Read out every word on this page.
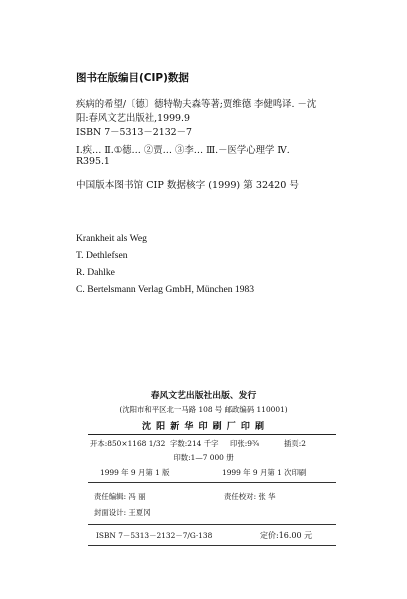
图书在版编目(CIP)数据
疾病的希望/〔德〕德特勒夫森等著;贾维德 李健鸣译. －沈
阳:春风文艺出版社,1999.9
ISBN 7－5313－2132－7
Ⅰ.疾… Ⅱ.①德… ②贾… ③李… Ⅲ.－医学心理学 Ⅳ.
R395.1
中国版本图书馆 CIP 数据核字 (1999) 第 32420 号
Krankheit als Weg
T. Dethlefsen
R. Dahlke
C. Bertelsmann Verlag GmbH, München 1983
春风文艺出版社出版、发行
(沈阳市和平区北一马路 108 号 邮政编码 110001)
沈 阳 新 华 印 刷 厂 印 刷
开本:850×1168 1/32 字数:214 千字 印张:9¾	插页:2
印数:1—7 000 册
1999 年 9 月第 1 版	1999 年 9 月第 1 次印刷
责任编辑: 冯 丽	责任校对: 张 华
封面设计: 王夏冈
ISBN 7－5313－2132－7/G·138	定价:16.00 元
